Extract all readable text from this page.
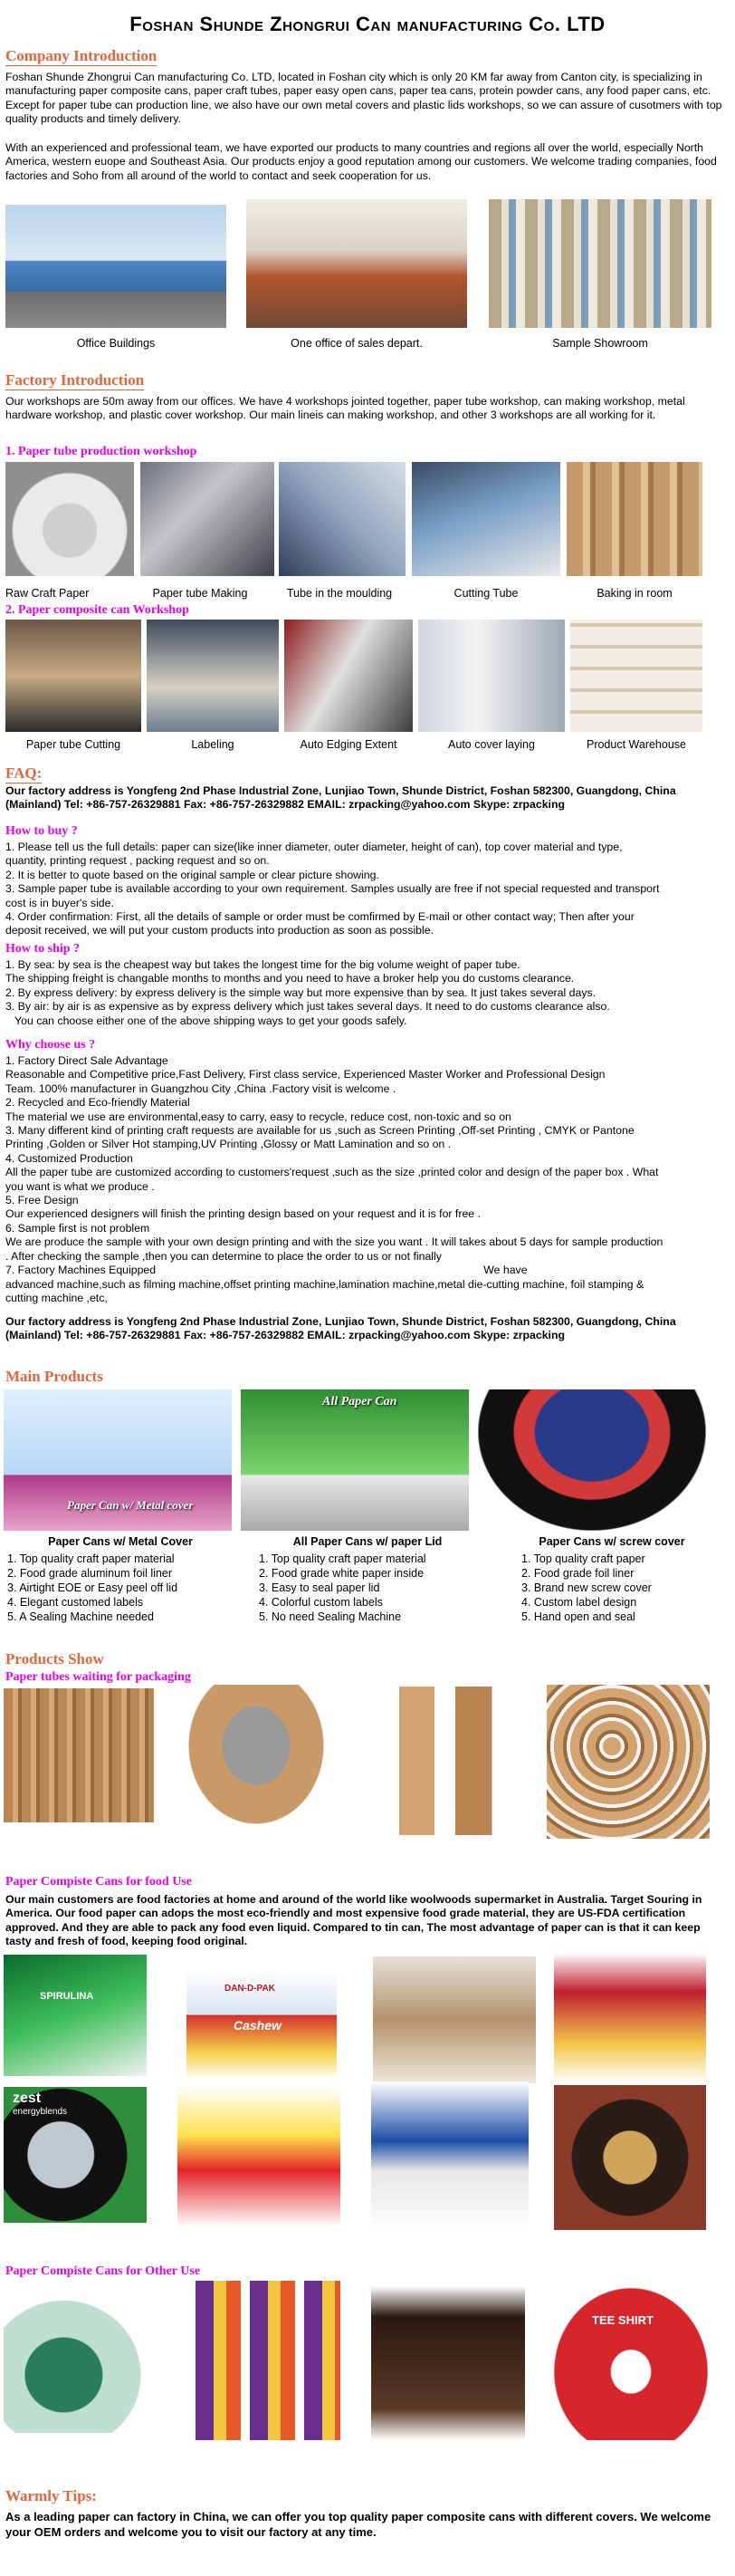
Foshan Shunde Zhongrui Can manufacturing Co. LTD
Company Introduction
Foshan Shunde Zhongrui Can manufacturing Co. LTD, located in Foshan city which is only 20 KM far away from Canton city, is specializing in manufacturing paper composite cans, paper craft tubes, paper easy open cans, paper tea cans, protein powder cans, any food paper cans, etc. Except for paper tube can production line, we also have our own metal covers and plastic lids workshops, so we can assure of cusotmers with top quality products and timely delivery.
With an experienced and professional team, we have exported our products to many countries and regions all over the world, especially North America, western euope and Southeast Asia. Our products enjoy a good reputation among our customers. We welcome trading companies, food factories and Soho from all around of the world to contact and seek cooperation for us.
Office Buildings	One office of sales depart.	Sample Showroom
Factory Introduction
Our workshops are 50m away from our offices. We have 4 workshops jointed together, paper tube workshop, can making workshop, metal hardware workshop, and plastic cover workshop. Our main lineis can making workshop, and other 3 workshops are all working for it.
1. Paper tube production workshop
Raw Craft Paper	Paper tube Making	Tube in the moulding	Cutting Tube	Baking in room
2. Paper composite can Workshop
Paper tube Cutting	Labeling	Auto Edging Extent	Auto cover laying	Product Warehouse
FAQ:
Our factory address is Yongfeng 2nd Phase Industrial Zone, Lunjiao Town, Shunde District, Foshan 582300, Guangdong, China (Mainland) Tel: +86-757-26329881 Fax: +86-757-26329882 EMAIL: zrpacking@yahoo.com Skype: zrpacking
How to buy ?
1. Please tell us the full details: paper can size(like inner diameter, outer diameter, height of can), top cover material and type,
quantity, printing request , packing request and so on.
2. It is better to quote based on the original sample or clear picture showing.
3. Sample paper tube is available according to your own requirement. Samples usually are free if not special requested and transport
cost is in buyer's side.
4. Order confirmation: First, all the details of sample or order must be comfirmed by E-mail or other contact way; Then after your
deposit received, we will put your custom products into production as soon as possible.
How to ship ?
1. By sea: by sea is the cheapest way but takes the longest time for the big volume weight of paper tube.
The shipping freight is changable months to months and you need to have a broker help you do customs clearance.
2. By express delivery: by express delivery is the simple way but more expensive than by sea. It just takes several days.
3. By air: by air is as expensive as by express delivery which just takes several days. It need to do customs clearance also.
You can choose either one of the above shipping ways to get your goods safely.
Why choose us ?
1. Factory Direct Sale Advantage
Reasonable and Competitive price,Fast Delivery, First class service, Experienced Master Worker and Professional Design
Team. 100% manufacturer in Guangzhou City ,China .Factory visit is welcome .
2. Recycled and Eco-friendly Material
The material we use are environmental,easy to carry, easy to recycle, reduce cost, non-toxic and so on
3. Many different kind of printing craft requests are available for us ,such as Screen Printing ,Off-set Printing , CMYK or Pantone
Printing ,Golden or Silver Hot stamping,UV Printing ,Glossy or Matt Lamination and so on .
4. Customized Production
All the paper tube are customized according to customers'request ,such as the size ,printed color and design of the paper box . What
you want is what we produce .
5. Free Design
Our experienced designers will finish the printing design based on your request and it is for free .
6. Sample first is not problem
We are produce the sample with your own design printing and with the size you want . It will takes about 5 days for sample production
. After checking the sample ,then you can determine to place the order to us or not finally
7. Factory Machines Equipped                                                                                                          We have
advanced machine,such as filming machine,offset printing machine,lamination machine,metal die-cutting machine, foil stamping &
cutting machine ,etc,
Our factory address is Yongfeng 2nd Phase Industrial Zone, Lunjiao Town, Shunde District, Foshan 582300, Guangdong, China (Mainland) Tel: +86-757-26329881 Fax: +86-757-26329882 EMAIL: zrpacking@yahoo.com Skype: zrpacking
Main Products
Paper Can w/ Metal cover
All Paper Can
Paper Cans w/ Metal Cover
1. Top quality craft paper material
2. Food grade aluminum foil liner
3. Airtight EOE or Easy peel off lid
4. Elegant customed labels
5. A Sealing Machine needed
All Paper Cans w/ paper Lid
1. Top quality craft paper material
2. Food grade white paper inside
3. Easy to seal paper lid
4. Colorful custom labels
5. No need Sealing Machine
Paper Cans w/ screw cover
1. Top quality craft paper
2. Food grade foil liner
3. Brand new screw cover
4. Custom label design
5. Hand open and seal
Products Show
Paper tubes waiting for packaging
Paper Compiste Cans for food Use
Our main customers are food factories at home and around of the world like woolwoods supermarket in Australia. Target Souring in America. Our food paper can adops the most eco-friendly and most expensive food grade material, they are US-FDA certification approved. And they are able to pack any food even liquid. Compared to tin can, The most advantage of paper can is that it can keep tasty and fresh of food, keeping food original.
SPIRULINA
DAN-D-PAK
Cashew
zest
energyblends
Paper Compiste Cans for Other Use
TEE SHIRT
Warmly Tips:
As a leading paper can factory in China, we can offer you top quality paper composite cans with different covers. We welcome your OEM orders and welcome you to visit our factory at any time.
